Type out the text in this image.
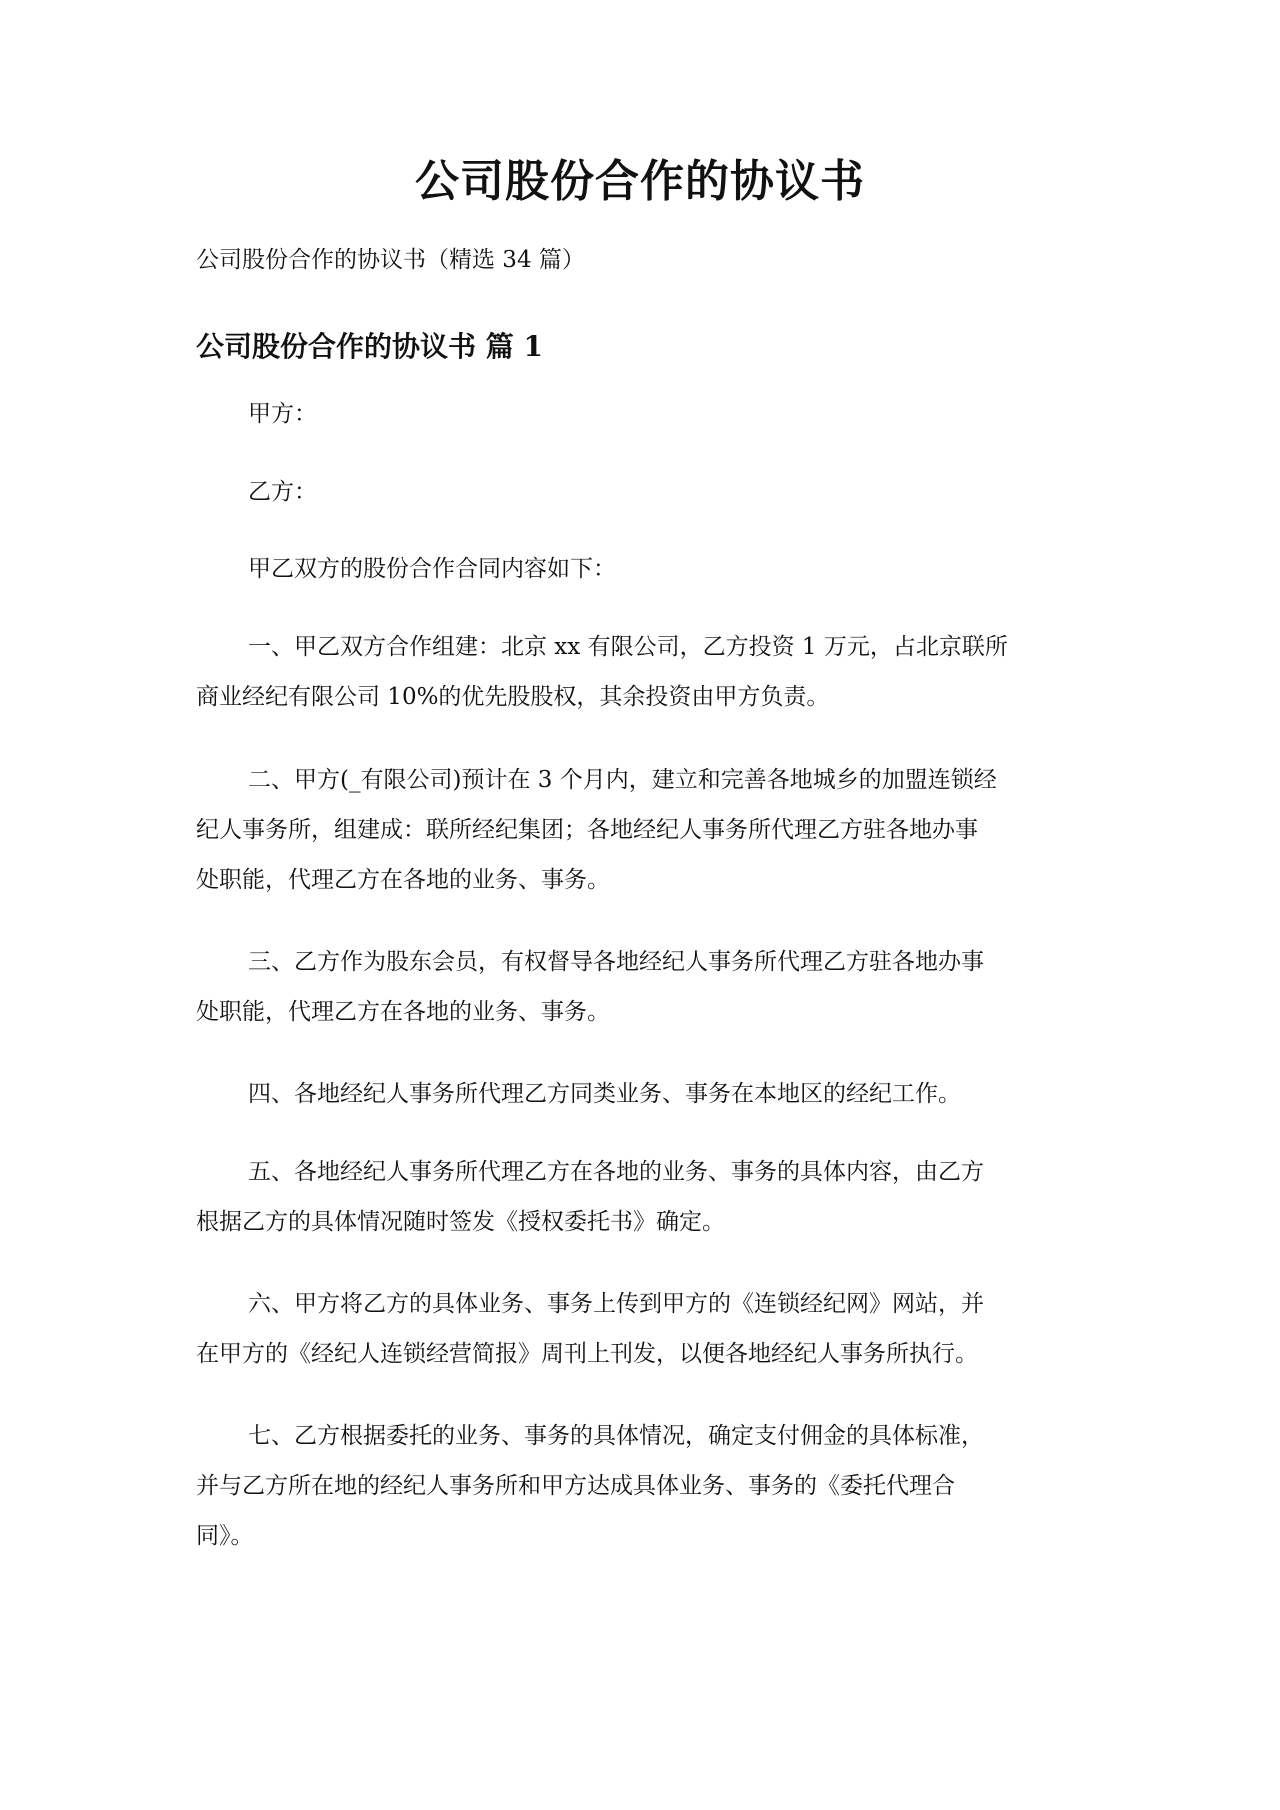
公司股份合作的协议书
公司股份合作的协议书（精选 34 篇）
公司股份合作的协议书 篇 1
甲方：
乙方：
甲乙双方的股份合作合同内容如下：
一、甲乙双方合作组建：北京 xx 有限公司，乙方投资 1 万元，占北京联所
商业经纪有限公司 10%的优先股股权，其余投资由甲方负责。
二、甲方(_有限公司)预计在 3 个月内，建立和完善各地城乡的加盟连锁经
纪人事务所，组建成：联所经纪集团；各地经纪人事务所代理乙方驻各地办事
处职能，代理乙方在各地的业务、事务。
三、乙方作为股东会员，有权督导各地经纪人事务所代理乙方驻各地办事
处职能，代理乙方在各地的业务、事务。
四、各地经纪人事务所代理乙方同类业务、事务在本地区的经纪工作。
五、各地经纪人事务所代理乙方在各地的业务、事务的具体内容，由乙方
根据乙方的具体情况随时签发《授权委托书》确定。
六、甲方将乙方的具体业务、事务上传到甲方的《连锁经纪网》网站，并
在甲方的《经纪人连锁经营简报》周刊上刊发，以便各地经纪人事务所执行。
七、乙方根据委托的业务、事务的具体情况，确定支付佣金的具体标准，
并与乙方所在地的经纪人事务所和甲方达成具体业务、事务的《委托代理合
同》。
